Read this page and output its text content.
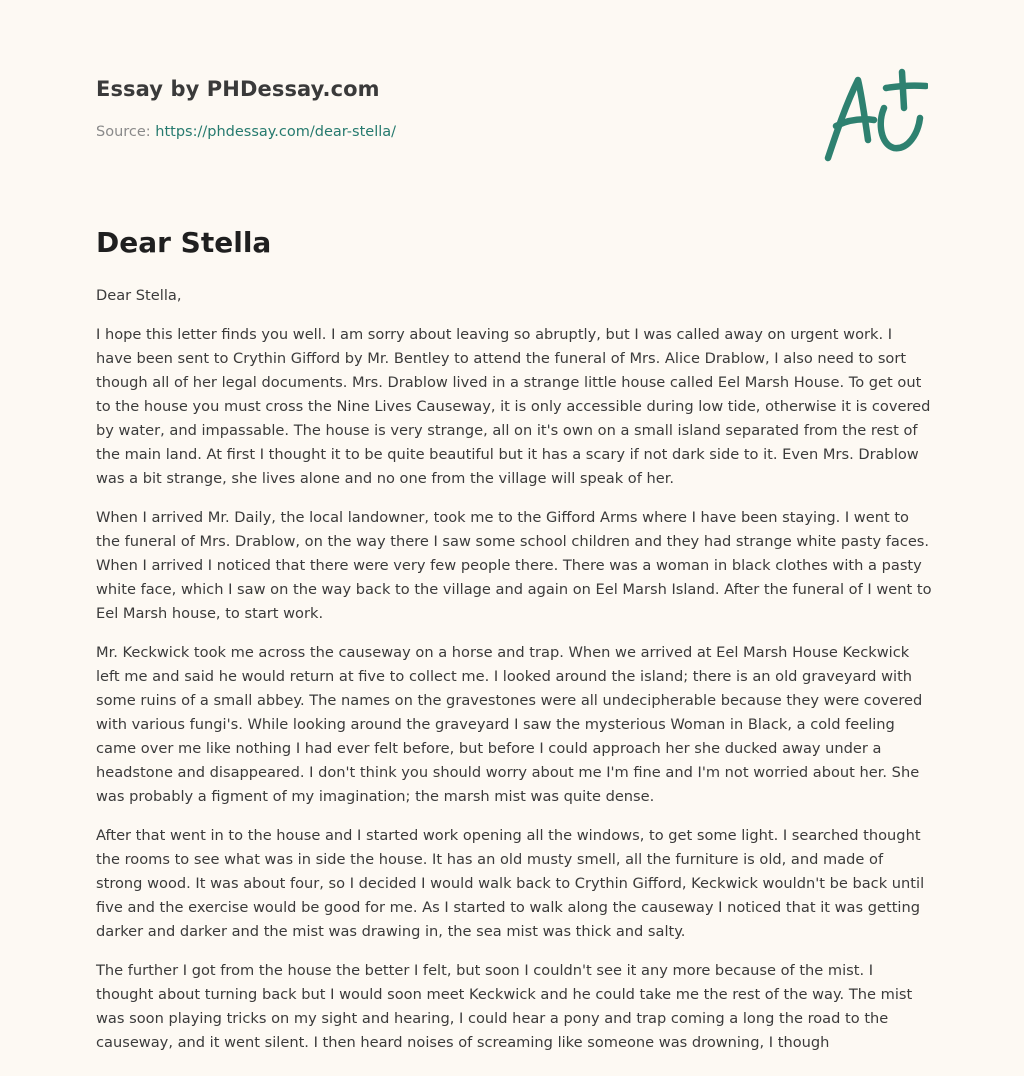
Essay by PHDessay.com

Source: https://phdessay.com/dear-stella/

Dear Stella

Dear Stella,

I hope this letter finds you well. I am sorry about leaving so abruptly, but I was called away on urgent work. I have been sent to Crythin Gifford by Mr. Bentley to attend the funeral of Mrs. Alice Drablow, I also need to sort though all of her legal documents. Mrs. Drablow lived in a strange little house called Eel Marsh House. To get out to the house you must cross the Nine Lives Causeway, it is only accessible during low tide, otherwise it is covered by water, and impassable. The house is very strange, all on it's own on a small island separated from the rest of the main land. At first I thought it to be quite beautiful but it has a scary if not dark side to it. Even Mrs. Drablow was a bit strange, she lives alone and no one from the village will speak of her.

When I arrived Mr. Daily, the local landowner, took me to the Gifford Arms where I have been staying. I went to the funeral of Mrs. Drablow, on the way there I saw some school children and they had strange white pasty faces. When I arrived I noticed that there were very few people there. There was a woman in black clothes with a pasty white face, which I saw on the way back to the village and again on Eel Marsh Island. After the funeral of I went to Eel Marsh house, to start work.

Mr. Keckwick took me across the causeway on a horse and trap. When we arrived at Eel Marsh House Keckwick left me and said he would return at five to collect me. I looked around the island; there is an old graveyard with some ruins of a small abbey. The names on the gravestones were all undecipherable because they were covered with various fungi's. While looking around the graveyard I saw the mysterious Woman in Black, a cold feeling came over me like nothing I had ever felt before, but before I could approach her she ducked away under a headstone and disappeared. I don't think you should worry about me I'm fine and I'm not worried about her. She was probably a figment of my imagination; the marsh mist was quite dense.

After that went in to the house and I started work opening all the windows, to get some light. I searched thought the rooms to see what was in side the house. It has an old musty smell, all the furniture is old, and made of strong wood. It was about four, so I decided I would walk back to Crythin Gifford, Keckwick wouldn't be back until five and the exercise would be good for me. As I started to walk along the causeway I noticed that it was getting darker and darker and the mist was drawing in, the sea mist was thick and salty.

The further I got from the house the better I felt, but soon I couldn't see it any more because of the mist. I thought about turning back but I would soon meet Keckwick and he could take me the rest of the way. The mist was soon playing tricks on my sight and hearing, I could hear a pony and trap coming a long the road to the causeway, and it went silent. I then heard noises of screaming like someone was drowning, I though
